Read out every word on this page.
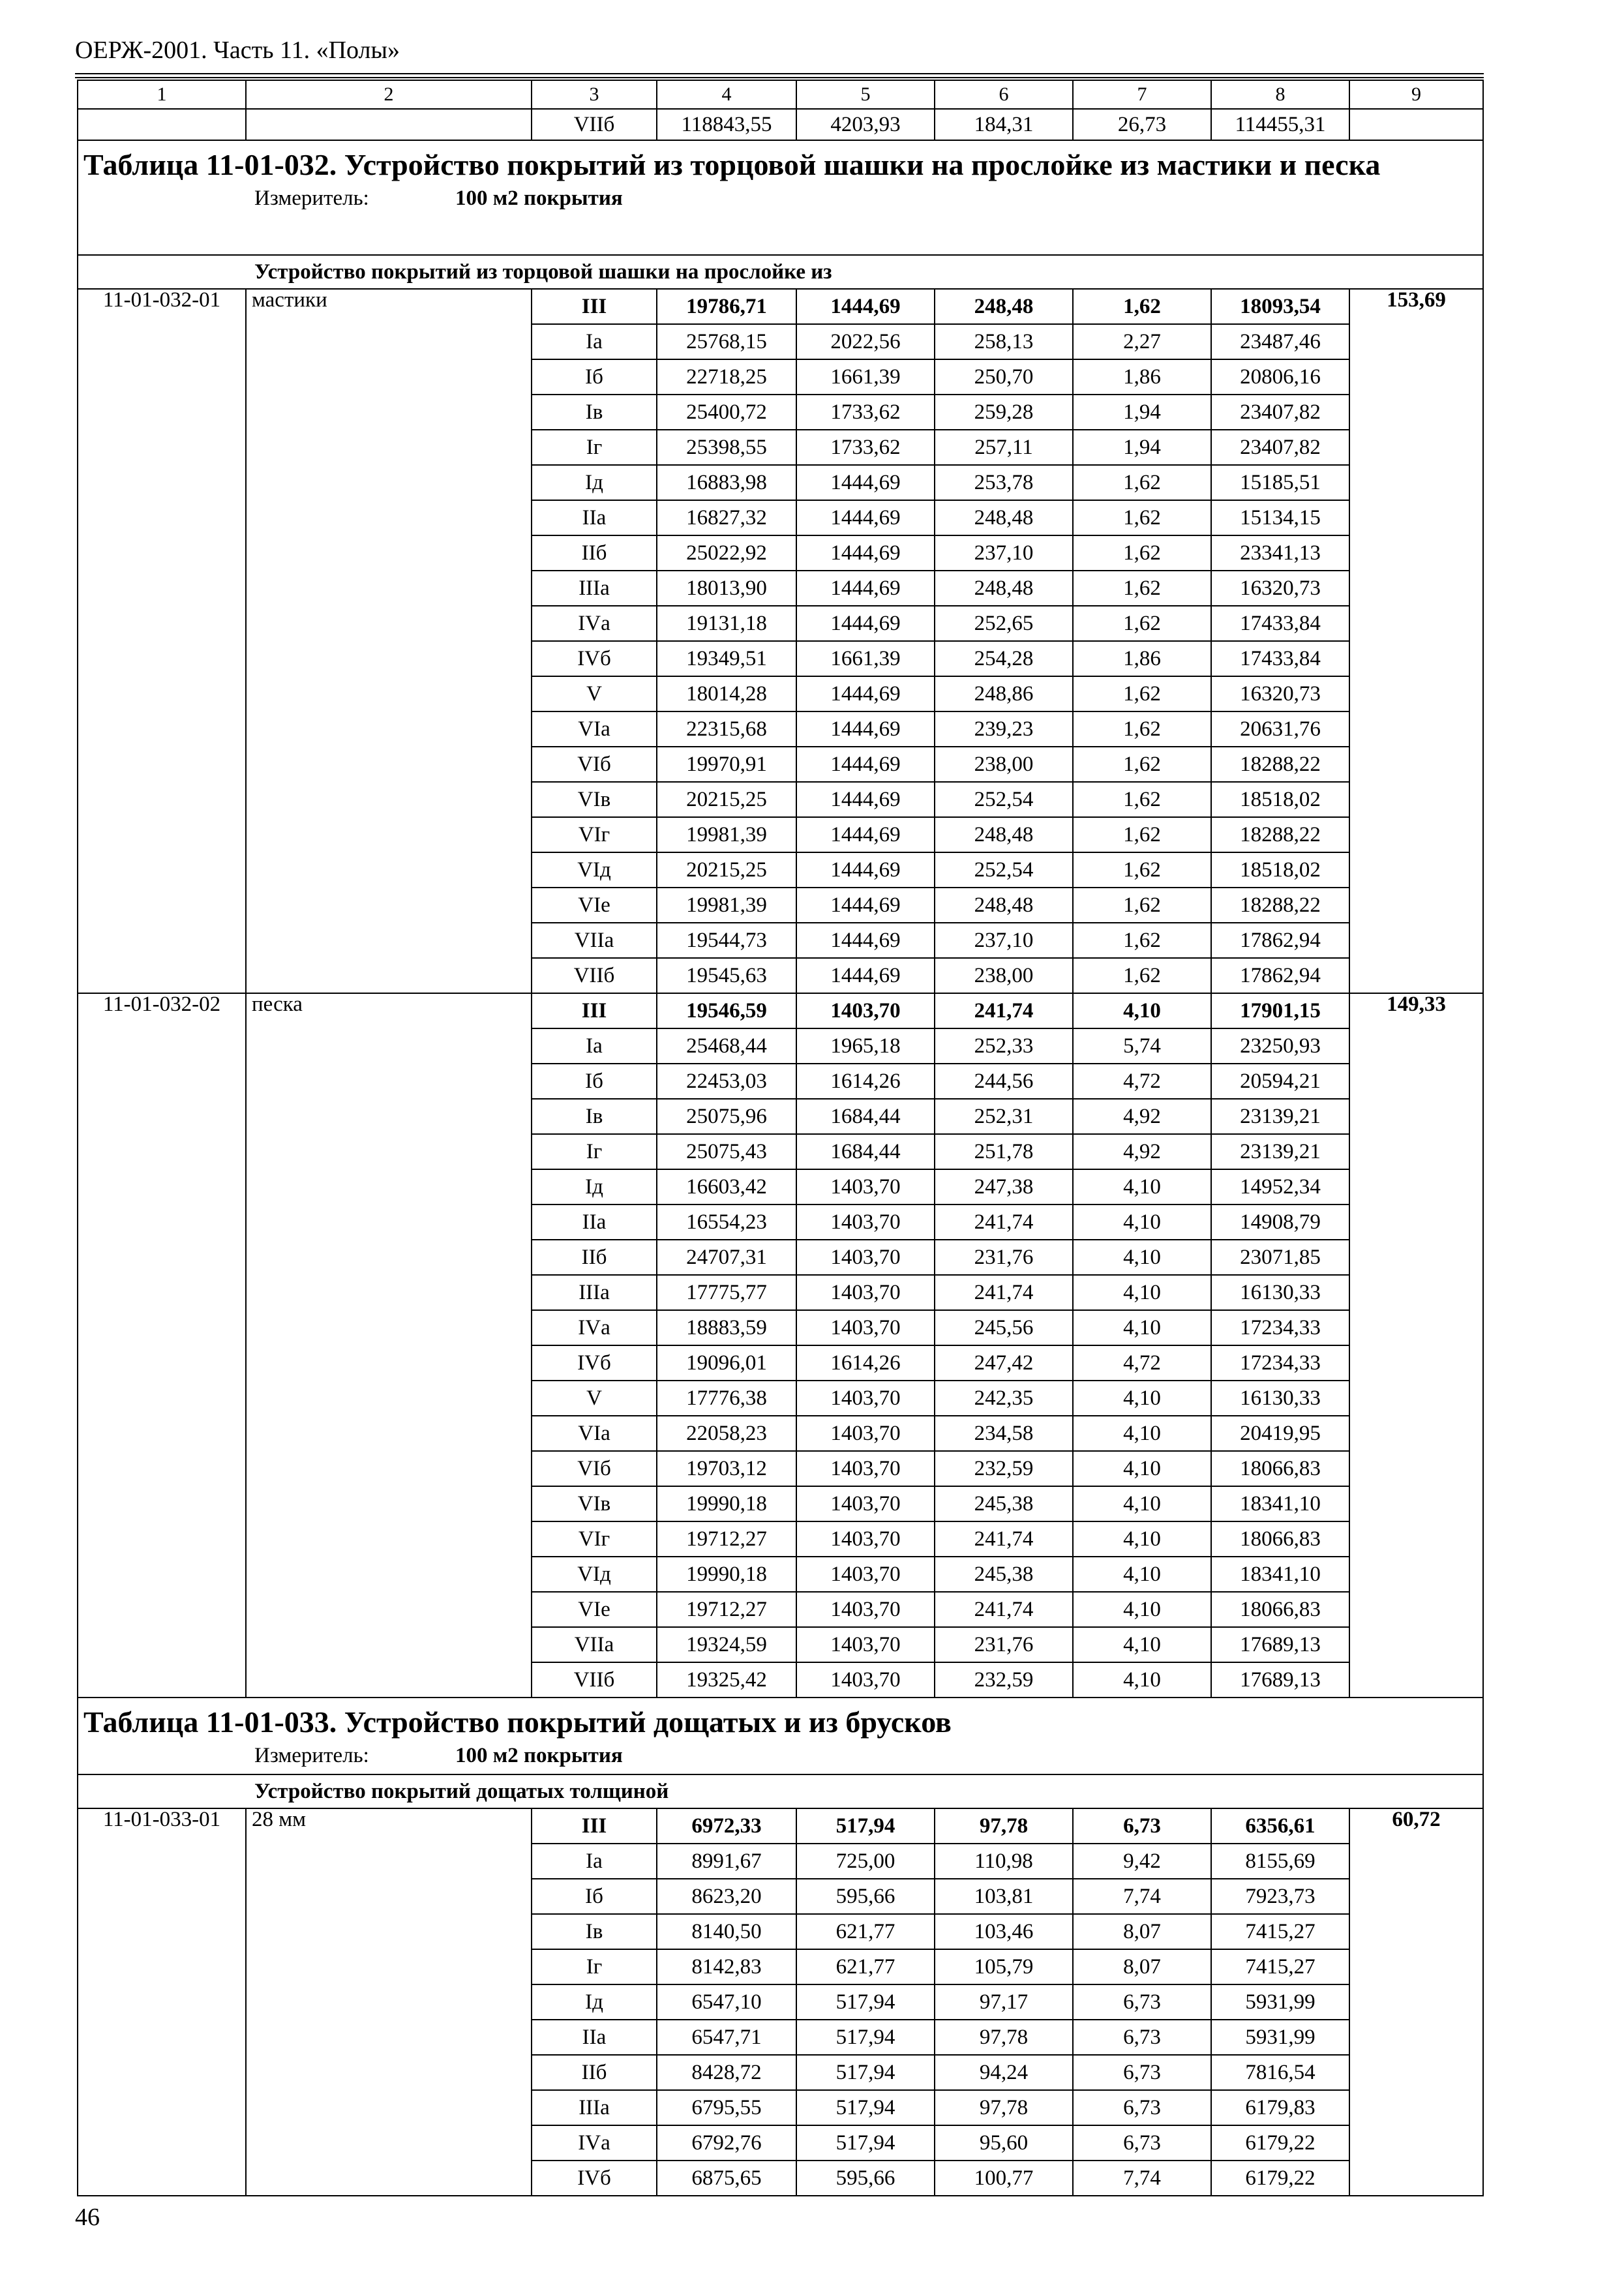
ОЕРЖ-2001. Часть 11. «Полы»
1	2	3	4	5	6	7	8	9
		VIIб	118843,55	4203,93	184,31	26,73	114455,31	

Таблица 11-01-032. Устройство покрытий из торцовой шашки на прослойке из мастики и песка
Измеритель: 100 м2 покрытия								

Устройство покрытий из торцовой шашки на прослойке из								
11-01-032-01	мастики	III	19786,71	1444,69	248,48	1,62	18093,54	153,69
		Iа	25768,15	2022,56	258,13	2,27	23487,46	
		Iб	22718,25	1661,39	250,70	1,86	20806,16	
		Iв	25400,72	1733,62	259,28	1,94	23407,82	
		Iг	25398,55	1733,62	257,11	1,94	23407,82	
		Iд	16883,98	1444,69	253,78	1,62	15185,51	
		IIа	16827,32	1444,69	248,48	1,62	15134,15	
		IIб	25022,92	1444,69	237,10	1,62	23341,13	
		IIIа	18013,90	1444,69	248,48	1,62	16320,73	
		IVа	19131,18	1444,69	252,65	1,62	17433,84	
		IVб	19349,51	1661,39	254,28	1,86	17433,84	
		V	18014,28	1444,69	248,86	1,62	16320,73	
		VIа	22315,68	1444,69	239,23	1,62	20631,76	
		VIб	19970,91	1444,69	238,00	1,62	18288,22	
		VIв	20215,25	1444,69	252,54	1,62	18518,02	
		VIг	19981,39	1444,69	248,48	1,62	18288,22	
		VIд	20215,25	1444,69	252,54	1,62	18518,02	
		VIе	19981,39	1444,69	248,48	1,62	18288,22	
		VIIа	19544,73	1444,69	237,10	1,62	17862,94	
		VIIб	19545,63	1444,69	238,00	1,62	17862,94	
11-01-032-02	песка	III	19546,59	1403,70	241,74	4,10	17901,15	149,33
		Iа	25468,44	1965,18	252,33	5,74	23250,93	
		Iб	22453,03	1614,26	244,56	4,72	20594,21	
		Iв	25075,96	1684,44	252,31	4,92	23139,21	
		Iг	25075,43	1684,44	251,78	4,92	23139,21	
		Iд	16603,42	1403,70	247,38	4,10	14952,34	
		IIа	16554,23	1403,70	241,74	4,10	14908,79	
		IIб	24707,31	1403,70	231,76	4,10	23071,85	
		IIIа	17775,77	1403,70	241,74	4,10	16130,33	
		IVа	18883,59	1403,70	245,56	4,10	17234,33	
		IVб	19096,01	1614,26	247,42	4,72	17234,33	
		V	17776,38	1403,70	242,35	4,10	16130,33	
		VIа	22058,23	1403,70	234,58	4,10	20419,95	
		VIб	19703,12	1403,70	232,59	4,10	18066,83	
		VIв	19990,18	1403,70	245,38	4,10	18341,10	
		VIг	19712,27	1403,70	241,74	4,10	18066,83	
		VIд	19990,18	1403,70	245,38	4,10	18341,10	
		VIе	19712,27	1403,70	241,74	4,10	18066,83	
		VIIа	19324,59	1403,70	231,76	4,10	17689,13	
		VIIб	19325,42	1403,70	232,59	4,10	17689,13	

Таблица 11-01-033. Устройство покрытий дощатых и из брусков
Измеритель: 100 м2 покрытия								

Устройство покрытий дощатых толщиной								
11-01-033-01	28 мм	III	6972,33	517,94	97,78	6,73	6356,61	60,72
		Iа	8991,67	725,00	110,98	9,42	8155,69	
		Iб	8623,20	595,66	103,81	7,74	7923,73	
		Iв	8140,50	621,77	103,46	8,07	7415,27	
		Iг	8142,83	621,77	105,79	8,07	7415,27	
		Iд	6547,10	517,94	97,17	6,73	5931,99	
		IIа	6547,71	517,94	97,78	6,73	5931,99	
		IIб	8428,72	517,94	94,24	6,73	7816,54	
		IIIа	6795,55	517,94	97,78	6,73	6179,83	
		IVа	6792,76	517,94	95,60	6,73	6179,22	
		IVб	6875,65	595,66	100,77	7,74	6179,22	
46
